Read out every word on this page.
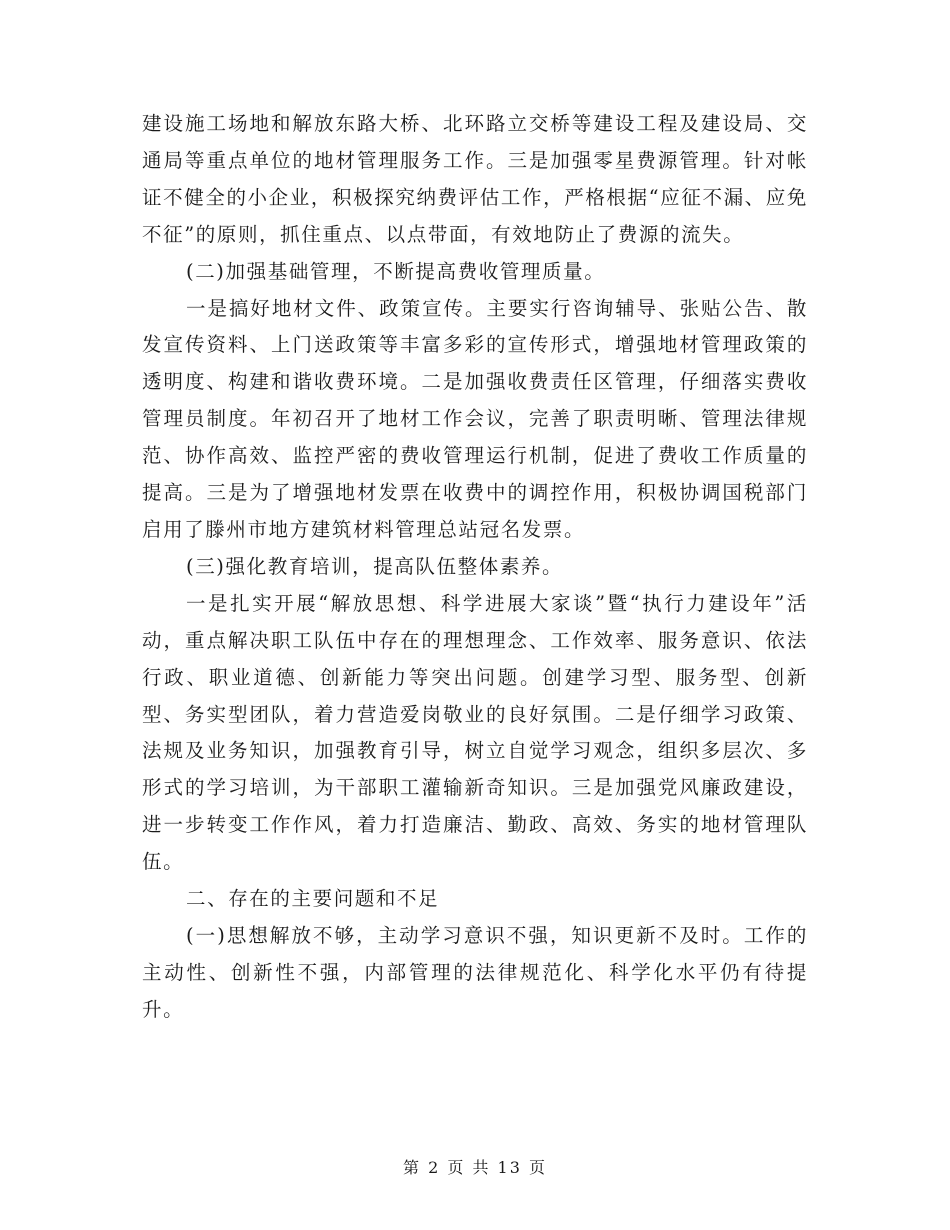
建设施工场地和解放东路大桥、北环路立交桥等建设工程及建设局、交通局等重点单位的地材管理服务工作。三是加强零星费源管理。针对帐证不健全的小企业，积极探究纳费评估工作，严格根据“应征不漏、应免不征”的原则，抓住重点、以点带面，有效地防止了费源的流失。

(二)加强基础管理，不断提高费收管理质量。

一是搞好地材文件、政策宣传。主要实行咨询辅导、张贴公告、散发宣传资料、上门送政策等丰富多彩的宣传形式，增强地材管理政策的透明度、构建和谐收费环境。二是加强收费责任区管理，仔细落实费收管理员制度。年初召开了地材工作会议，完善了职责明晰、管理法律规范、协作高效、监控严密的费收管理运行机制，促进了费收工作质量的提高。三是为了增强地材发票在收费中的调控作用，积极协调国税部门启用了滕州市地方建筑材料管理总站冠名发票。

(三)强化教育培训，提高队伍整体素养。

一是扎实开展“解放思想、科学进展大家谈”暨“执行力建设年”活动，重点解决职工队伍中存在的理想理念、工作效率、服务意识、依法行政、职业道德、创新能力等突出问题。创建学习型、服务型、创新型、务实型团队，着力营造爱岗敬业的良好氛围。二是仔细学习政策、法规及业务知识，加强教育引导，树立自觉学习观念，组织多层次、多形式的学习培训，为干部职工灌输新奇知识。三是加强党风廉政建设，进一步转变工作作风，着力打造廉洁、勤政、高效、务实的地材管理队伍。

二、存在的主要问题和不足

(一)思想解放不够，主动学习意识不强，知识更新不及时。工作的主动性、创新性不强，内部管理的法律规范化、科学化水平仍有待提升。

第 2 页 共 13 页
